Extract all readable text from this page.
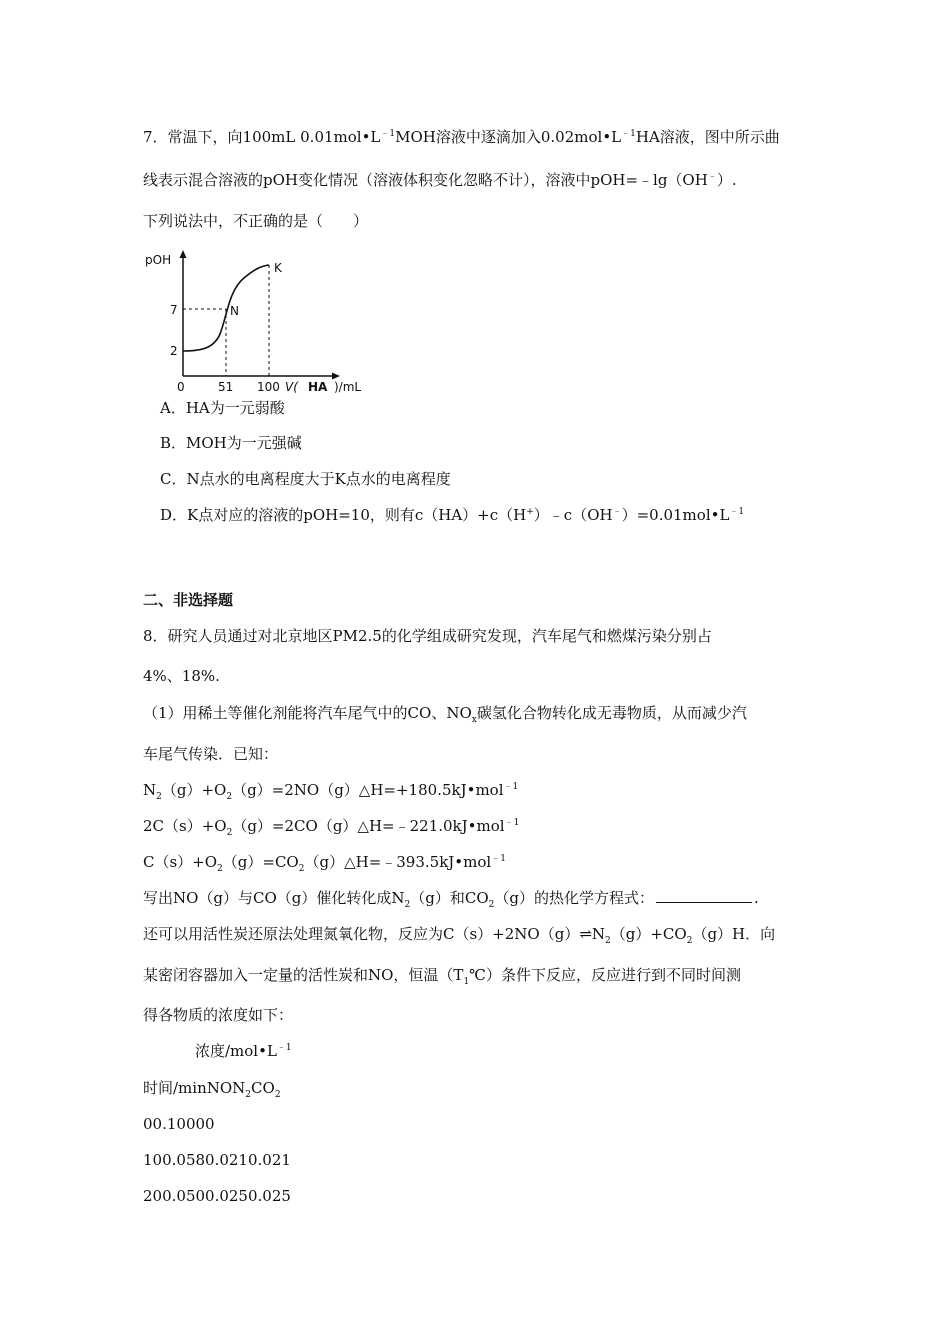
7．常温下，向100mL $0.01mol•L^{﹣1}MOH$溶液中逐滴加入$0.02mol•L^{﹣1}HA$溶液，图中所示曲
线表示混合溶液的pOH变化情况（溶液体积变化忽略不计），溶液中pOH=﹣lg（OH﹣）.
下列说法中，不正确的是（　　）
pOH
7
2
0	51 100 V( HA )/mL
N
K
A．HA为一元弱酸
B．MOH为一元强碱
C．N点水的电离程度大于K点水的电离程度
D．K点对应的溶液的pOH=10，则有$c(HA)+c(H^+)﹣c(OH^﹣)=0.01mol•L^{﹣1}$
二、非选择题
8．研究人员通过对北京地区PM2.5的化学组成研究发现，汽车尾气和燃煤污染分别占
4%、18%.
（1）用稀土等催化剂能将汽车尾气中的CO、$NO_x$碳氢化合物转化成无毒物质，从而减少汽
车尾气传染．已知：
$N_2(g)+O_2(g)=2NO(g)\triangle H=+180.5kJ•mol^{﹣1}$
$2C(s)+O_2(g)=2CO(g)\triangle H=﹣221.0kJ•mol^{﹣1}$
$C(s)+O_2(g)=CO_2(g)\triangle H=﹣393.5kJ•mol^{﹣1}$
写出NO（g）与CO（g）催化转化成$N_2(g)$和$CO_2(g)$的热化学方程式：	.
还可以用活性炭还原法处理氮氧化物，反应为$C(s)+2NO(g)\rightleftharpoons N_2(g)+CO_2(g)H$．向
某密闭容器加入一定量的活性炭和NO，恒温$(T_1℃)$条件下反应，反应进行到不同时间测
得各物质的浓度如下：
浓度$/mol•L^{﹣1}$
时间$/minNON_2CO_2$
00.10000
100.0580.0210.021
200.0500.0250.025
